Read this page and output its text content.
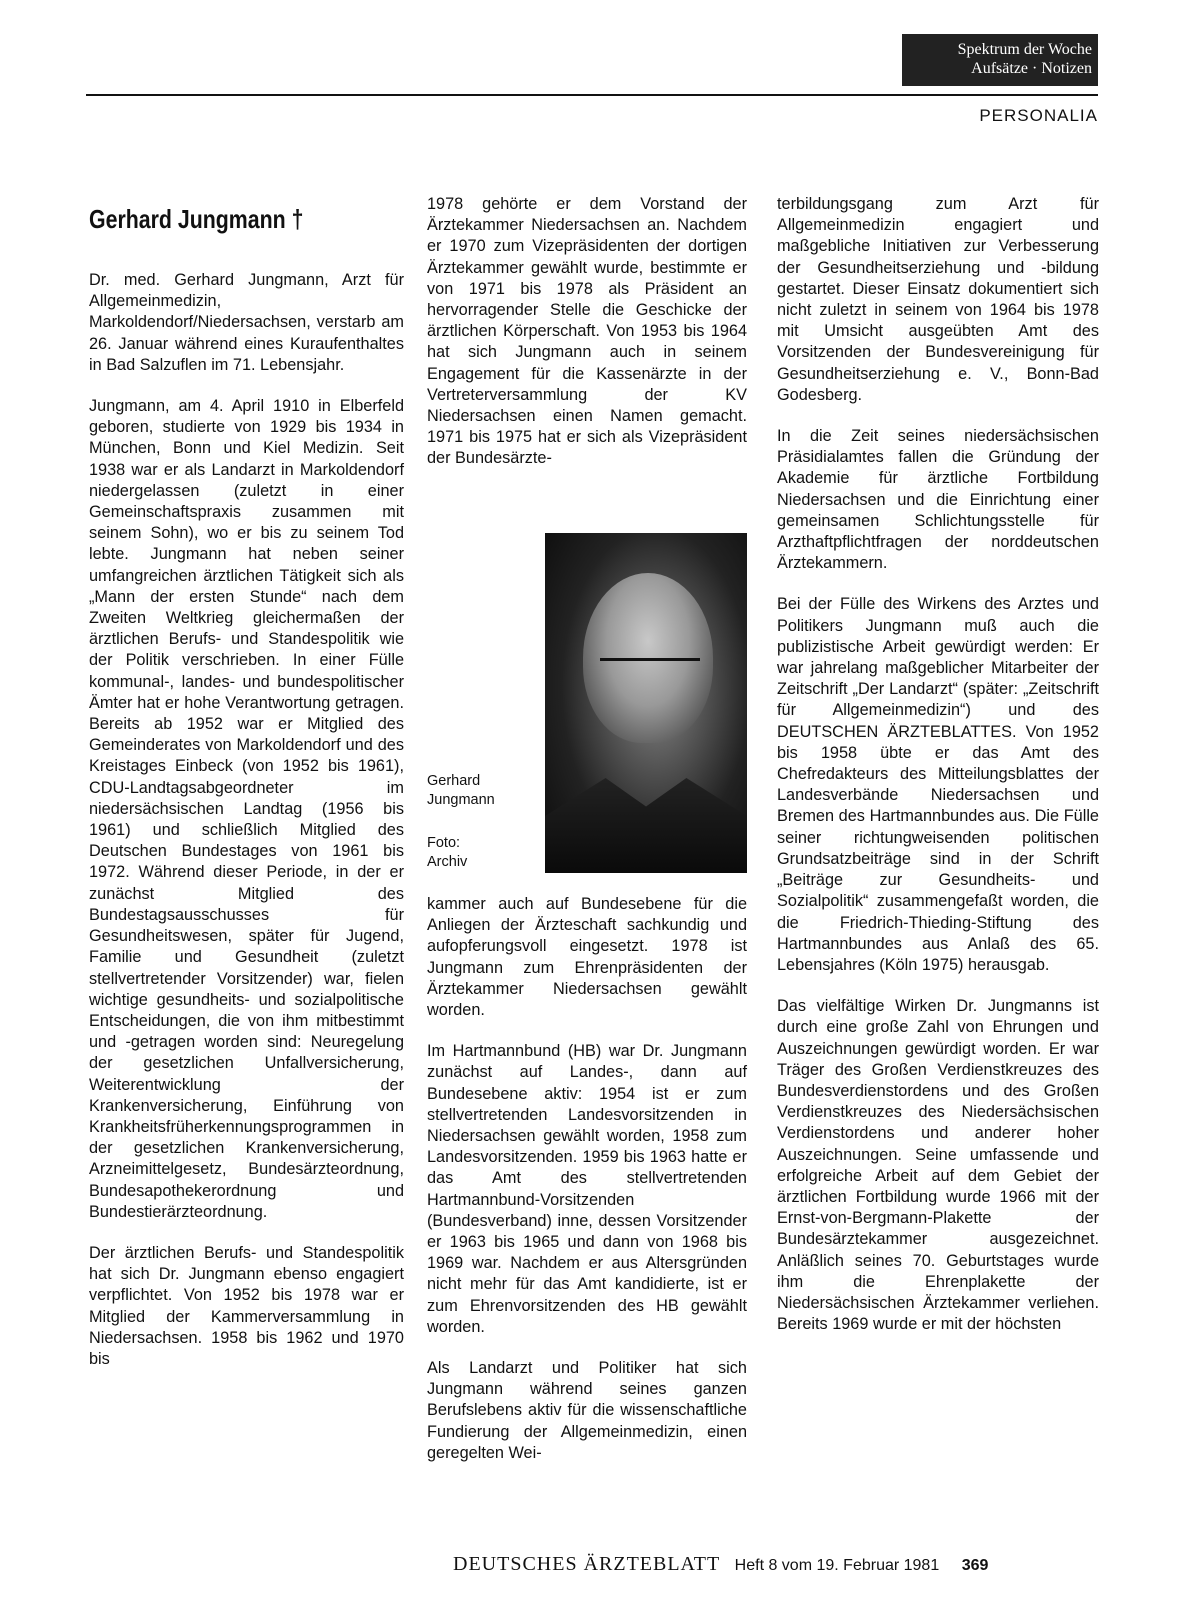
Spektrum der Woche
Aufsätze · Notizen
PERSONALIA
Gerhard Jungmann †

Dr. med. Gerhard Jungmann, Arzt für Allgemeinmedizin, Markoldendorf/Niedersachsen, verstarb am 26. Januar während eines Kuraufenthaltes in Bad Salzuflen im 71. Lebensjahr.

Jungmann, am 4. April 1910 in Elberfeld geboren, studierte von 1929 bis 1934 in München, Bonn und Kiel Medizin. Seit 1938 war er als Landarzt in Markoldendorf niedergelassen (zuletzt in einer Gemeinschaftspraxis zusammen mit seinem Sohn), wo er bis zu seinem Tod lebte. Jungmann hat neben seiner umfangreichen ärztlichen Tätigkeit sich als „Mann der ersten Stunde“ nach dem Zweiten Weltkrieg gleichermaßen der ärztlichen Berufs- und Standespolitik wie der Politik verschrieben. In einer Fülle kommunal-, landes- und bundespolitischer Ämter hat er hohe Verantwortung getragen. Bereits ab 1952 war er Mitglied des Gemeinderates von Markoldendorf und des Kreistages Einbeck (von 1952 bis 1961), CDU-Landtagsabgeordneter im niedersächsischen Landtag (1956 bis 1961) und schließlich Mitglied des Deutschen Bundestages von 1961 bis 1972. Während dieser Periode, in der er zunächst Mitglied des Bundestagsausschusses für Gesundheitswesen, später für Jugend, Familie und Gesundheit (zuletzt stellvertretender Vorsitzender) war, fielen wichtige gesundheits- und sozialpolitische Entscheidungen, die von ihm mitbestimmt und -getragen worden sind: Neuregelung der gesetzlichen Unfallversicherung, Weiterentwicklung der Krankenversicherung, Einführung von Krankheitsfrüherkennungsprogrammen in der gesetzlichen Krankenversicherung, Arzneimittelgesetz, Bundesärzteordnung, Bundesapothekerordnung und Bundestierärzteordnung.

Der ärztlichen Berufs- und Standespolitik hat sich Dr. Jungmann ebenso engagiert verpflichtet. Von 1952 bis 1978 war er Mitglied der Kammerversammlung in Niedersachsen. 1958 bis 1962 und 1970 bis

1978 gehörte er dem Vorstand der Ärztekammer Niedersachsen an. Nachdem er 1970 zum Vizepräsidenten der dortigen Ärztekammer gewählt wurde, bestimmte er von 1971 bis 1978 als Präsident an hervorragender Stelle die Geschicke der ärztlichen Körperschaft. Von 1953 bis 1964 hat sich Jungmann auch in seinem Engagement für die Kassenärzte in der Vertreterversammlung der KV Niedersachsen einen Namen gemacht. 1971 bis 1975 hat er sich als Vizepräsident der Bundesärzte-

Gerhard Jungmann
Foto: Archiv

kammer auch auf Bundesebene für die Anliegen der Ärzteschaft sachkundig und aufopferungsvoll eingesetzt. 1978 ist Jungmann zum Ehrenpräsidenten der Ärztekammer Niedersachsen gewählt worden.

Im Hartmannbund (HB) war Dr. Jungmann zunächst auf Landes-, dann auf Bundesebene aktiv: 1954 ist er zum stellvertretenden Landesvorsitzenden in Niedersachsen gewählt worden, 1958 zum Landesvorsitzenden. 1959 bis 1963 hatte er das Amt des stellvertretenden Hartmannbund-Vorsitzenden (Bundesverband) inne, dessen Vorsitzender er 1963 bis 1965 und dann von 1968 bis 1969 war. Nachdem er aus Altersgründen nicht mehr für das Amt kandidierte, ist er zum Ehrenvorsitzenden des HB gewählt worden.

Als Landarzt und Politiker hat sich Jungmann während seines ganzen Berufslebens aktiv für die wissenschaftliche Fundierung der Allgemeinmedizin, einen geregelten Wei-

terbildungsgang zum Arzt für Allgemeinmedizin engagiert und maßgebliche Initiativen zur Verbesserung der Gesundheitserziehung und -bildung gestartet. Dieser Einsatz dokumentiert sich nicht zuletzt in seinem von 1964 bis 1978 mit Umsicht ausgeübten Amt des Vorsitzenden der Bundesvereinigung für Gesundheitserziehung e. V., Bonn-Bad Godesberg.

In die Zeit seines niedersächsischen Präsidialamtes fallen die Gründung der Akademie für ärztliche Fortbildung Niedersachsen und die Einrichtung einer gemeinsamen Schlichtungsstelle für Arzthaftpflichtfragen der norddeutschen Ärztekammern.

Bei der Fülle des Wirkens des Arztes und Politikers Jungmann muß auch die publizistische Arbeit gewürdigt werden: Er war jahrelang maßgeblicher Mitarbeiter der Zeitschrift „Der Landarzt“ (später: „Zeitschrift für Allgemeinmedizin“) und des DEUTSCHEN ÄRZTEBLATTES. Von 1952 bis 1958 übte er das Amt des Chefredakteurs des Mitteilungsblattes der Landesverbände Niedersachsen und Bremen des Hartmannbundes aus. Die Fülle seiner richtungweisenden politischen Grundsatzbeiträge sind in der Schrift „Beiträge zur Gesundheits- und Sozialpolitik“ zusammengefaßt worden, die die Friedrich-Thieding-Stiftung des Hartmannbundes aus Anlaß des 65. Lebensjahres (Köln 1975) herausgab.

Das vielfältige Wirken Dr. Jungmanns ist durch eine große Zahl von Ehrungen und Auszeichnungen gewürdigt worden. Er war Träger des Großen Verdienstkreuzes des Bundesverdienstordens und des Großen Verdienstkreuzes des Niedersächsischen Verdienstordens und anderer hoher Auszeichnungen. Seine umfassende und erfolgreiche Arbeit auf dem Gebiet der ärztlichen Fortbildung wurde 1966 mit der Ernst-von-Bergmann-Plakette der Bundesärztekammer ausgezeichnet. Anläßlich seines 70. Geburtstages wurde ihm die Ehrenplakette der Niedersächsischen Ärztekammer verliehen. Bereits 1969 wurde er mit der höchsten

DEUTSCHES ÄRZTEBLATT Heft 8 vom 19. Februar 1981 369
